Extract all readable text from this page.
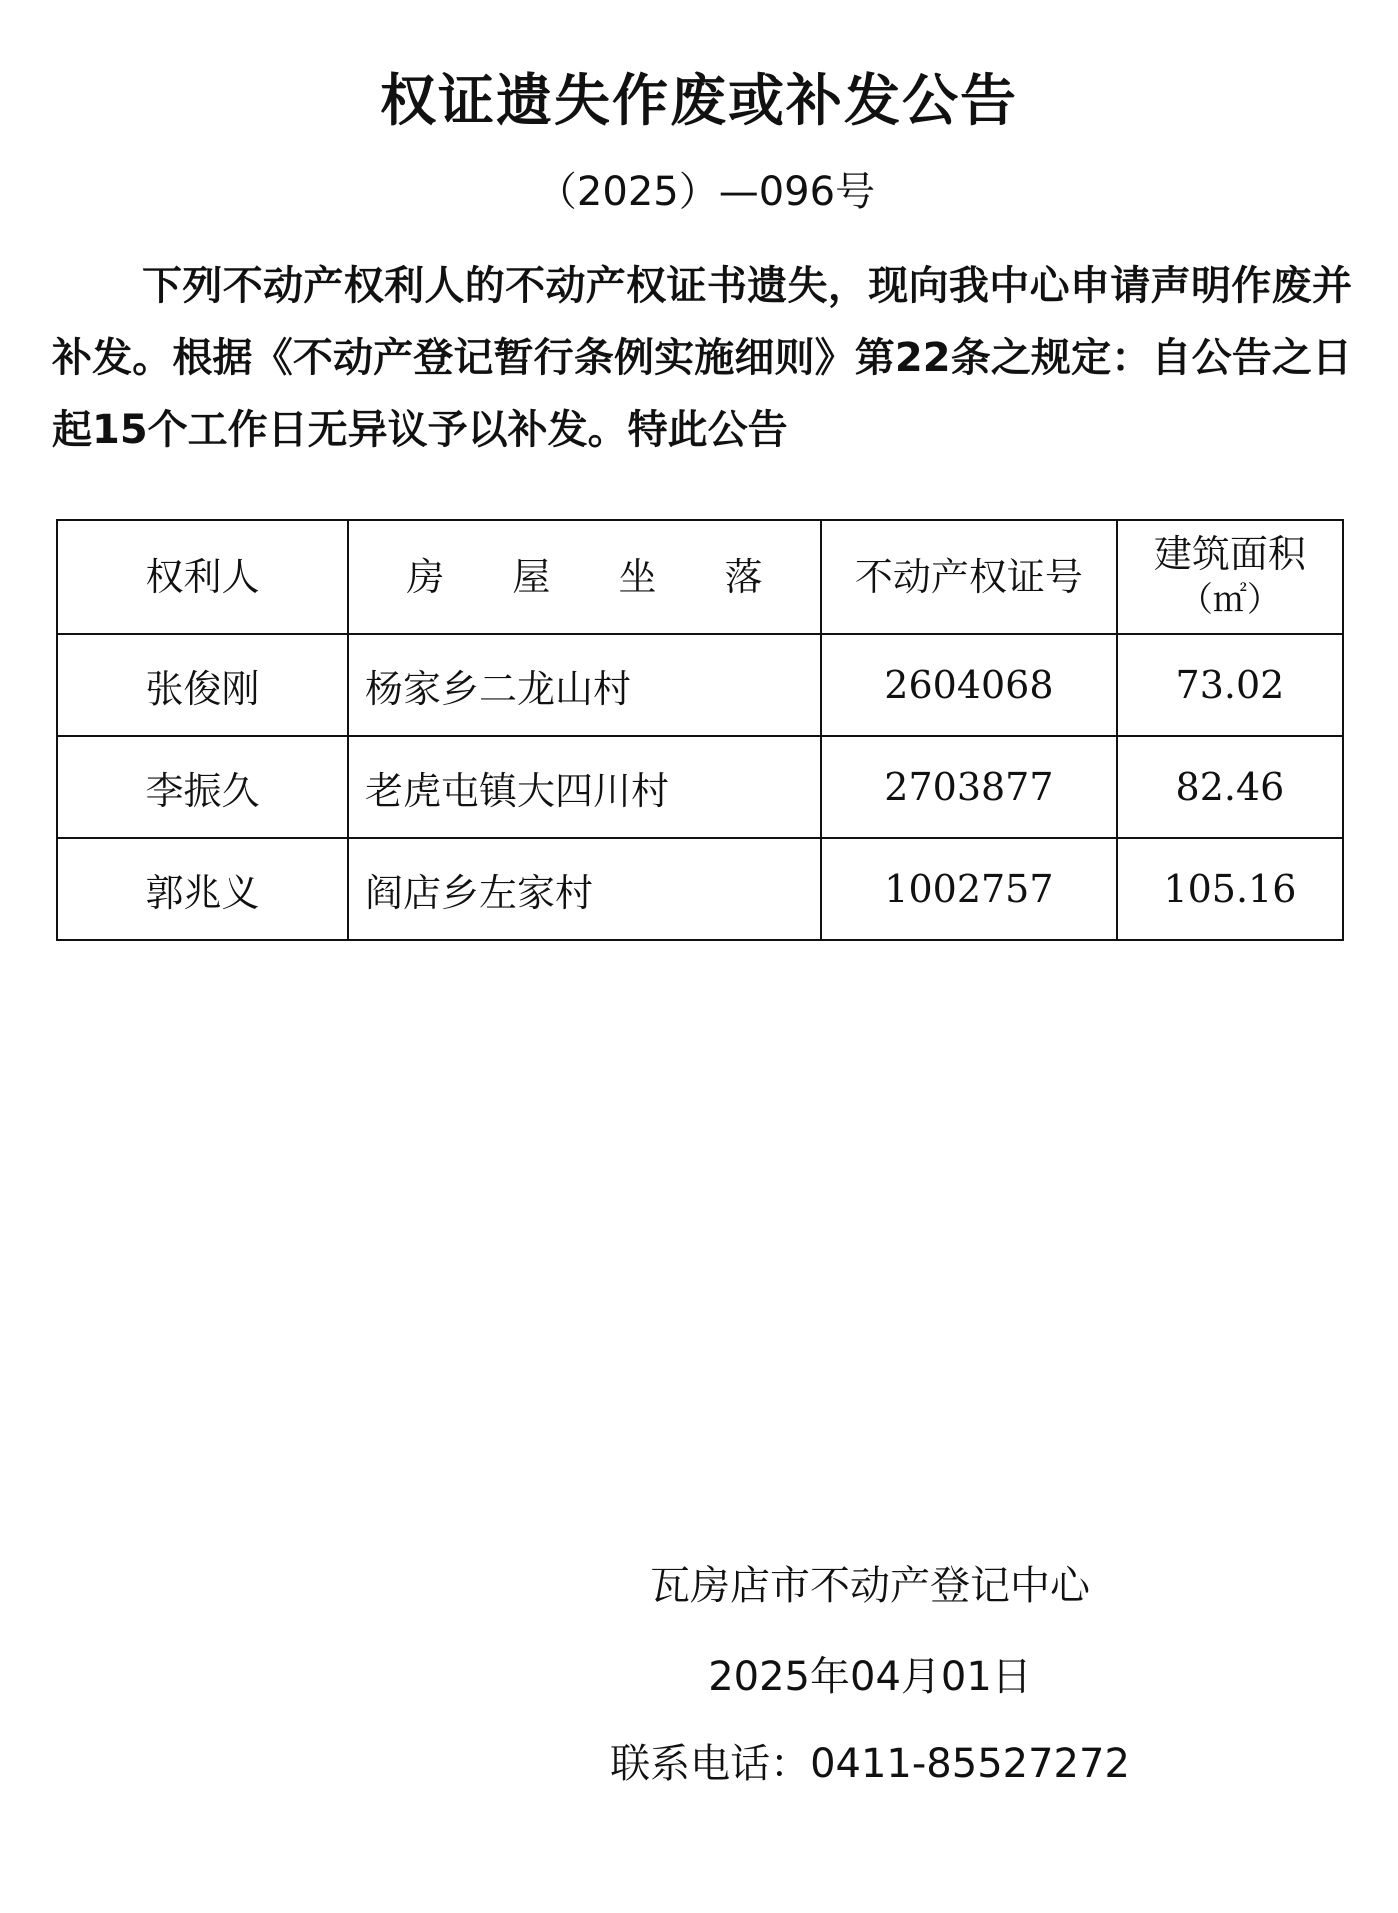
权证遗失作废或补发公告
（2025）—096号
下列不动产权利人的不动产权证书遗失，现向我中心申请声明作废并补发。根据《不动产登记暂行条例实施细则》第22条之规定：自公告之日起15个工作日无异议予以补发。特此公告
权利人	房 屋 坐 落	不动产权证号	建筑面积
（㎡）

张俊刚	杨家乡二龙山村	2604068	73.02
李振久	老虎屯镇大四川村	2703877	82.46
郭兆义	阎店乡左家村	1002757	105.16
瓦房店市不动产登记中心
2025年04月01日
联系电话：0411-85527272
